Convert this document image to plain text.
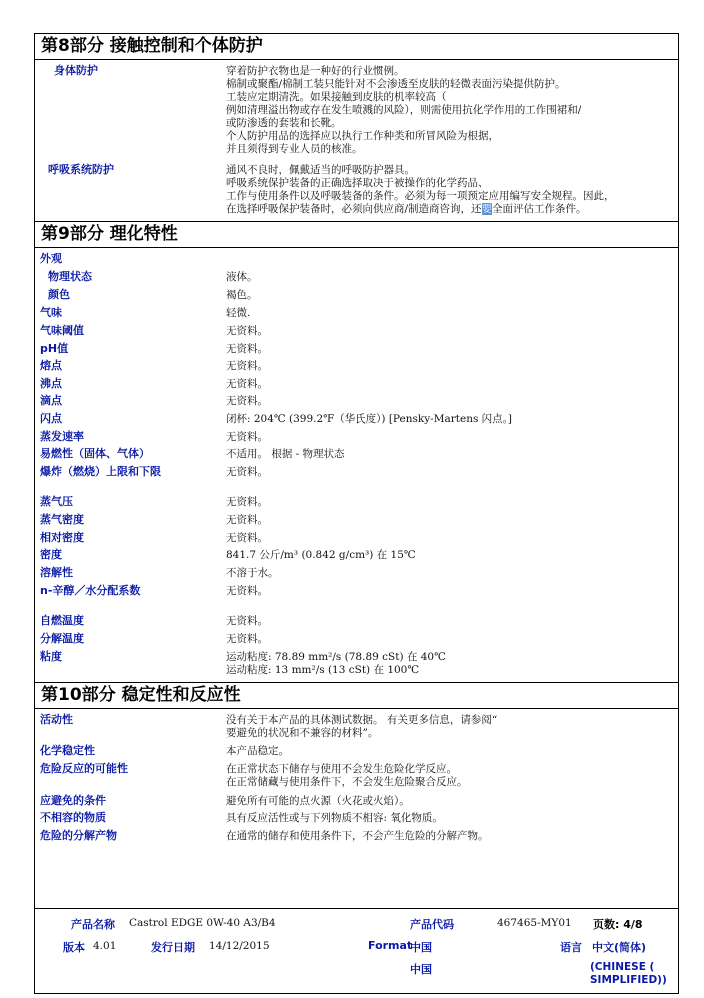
第8部分 接触控制和个体防护
身体防护	穿着防护衣物也是一种好的行业惯例。
棉制或聚酯/棉制工装只能针对不会渗透至皮肤的轻微表面污染提供防护。
工装应定期清洗。如果接触到皮肤的机率较高（
例如清理溢出物或存在发生喷溅的风险），则需使用抗化学作用的工作围裙和/
或防渗透的套装和长靴。
个人防护用品的选择应以执行工作种类和所冒风险为根据，
并且须得到专业人员的核准。
呼吸系统防护	通风不良时，佩戴适当的呼吸防护器具。
呼吸系统保护装备的正确选择取决于被操作的化学药品、
工作与使用条件以及呼吸装备的条件。必须为每一项预定应用编写安全规程。因此，
在选择呼吸保护装备时，必须向供应商/制造商咨询，还要全面评估工作条件。
第9部分 理化特性
外观
物理状态	液体。
颜色	褐色。
气味	轻微.
气味阈值	无资料。
pH值	无资料。
熔点	无资料。
沸点	无资料。
滴点	无资料。
闪点	闭杯: 204℃ (399.2℉（华氏度）) [Pensky-Martens 闪点。]
蒸发速率	无资料。
易燃性（固体、气体）	不适用。 根据 - 物理状态
爆炸（燃烧）上限和下限	无资料。
蒸气压	无资料。
蒸气密度	无资料。
相对密度	无资料。
密度	841.7 公斤/m³ (0.842 g/cm³) 在 15℃
溶解性	不溶于水。
n-辛醇／水分配系数	无资料。
自燃温度	无资料。
分解温度	无资料。
粘度	运动粘度: 78.89 mm²/s (78.89 cSt) 在 40℃
运动粘度: 13 mm²/s (13 cSt) 在 100℃
第10部分 稳定性和反应性
活动性	没有关于本产品的具体测试数据。 有关更多信息，请参阅“
要避免的状况和不兼容的材料”。
化学稳定性	本产品稳定。
危险反应的可能性	在正常状态下储存与使用不会发生危险化学反应。
在正常储藏与使用条件下，不会发生危险聚合反应。
应避免的条件	避免所有可能的点火源（火花或火焰）。
不相容的物质	具有反应活性或与下列物质不相容: 氧化物质。
危险的分解产物	在通常的储存和使用条件下，不会产生危险的分解产物。
产品名称 Castrol EDGE 0W-40 A3/B4	产品代码	467465-MY01 页数: 4/8
版本 4.01	发行日期 14/12/2015	Format
中国	语言 中文(简体)
中国	(CHINESE (
SIMPLIFIED))
